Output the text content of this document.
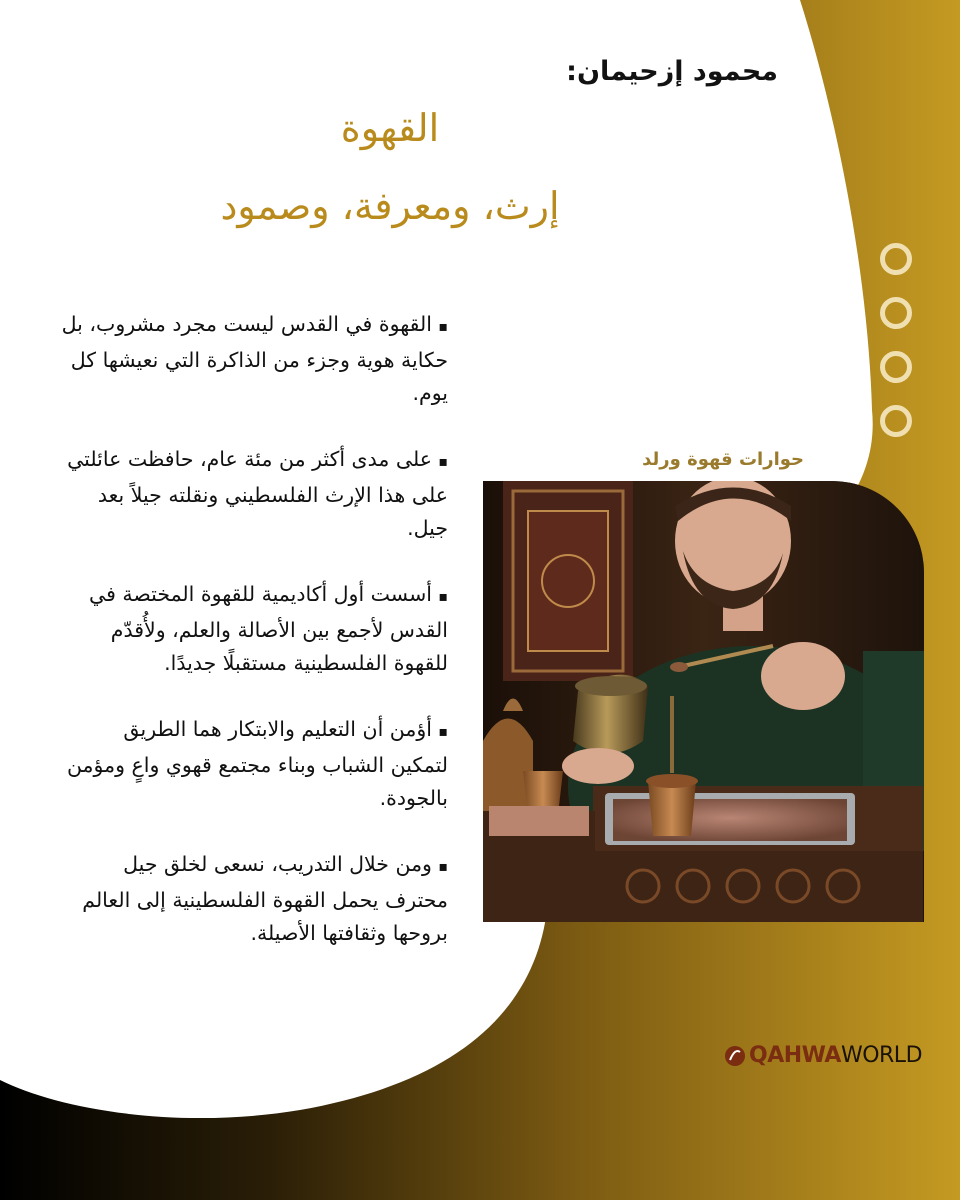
محمود إزحيمان:
القهوة
إرث، ومعرفة، وصمود
▪ القهوة في القدس ليست مجرد مشروب، بل حكاية هوية وجزء من الذاكرة التي نعيشها كل يوم.
▪ على مدى أكثر من مئة عام، حافظت عائلتي على هذا الإرث الفلسطيني ونقلته جيلاً بعد جيل.
▪ أسست أول أكاديمية للقهوة المختصة في القدس لأجمع بين الأصالة والعلم، ولأُقدّم للقهوة الفلسطينية مستقبلًا جديدًا.
▪ أؤمن أن التعليم والابتكار هما الطريق لتمكين الشباب وبناء مجتمع قهوي واعٍ ومؤمن بالجودة.
▪ ومن خلال التدريب، نسعى لخلق جيل محترف يحمل القهوة الفلسطينية إلى العالم بروحها وثقافتها الأصيلة.
حوارات قهوة ورلد
QAHWA WORLD
